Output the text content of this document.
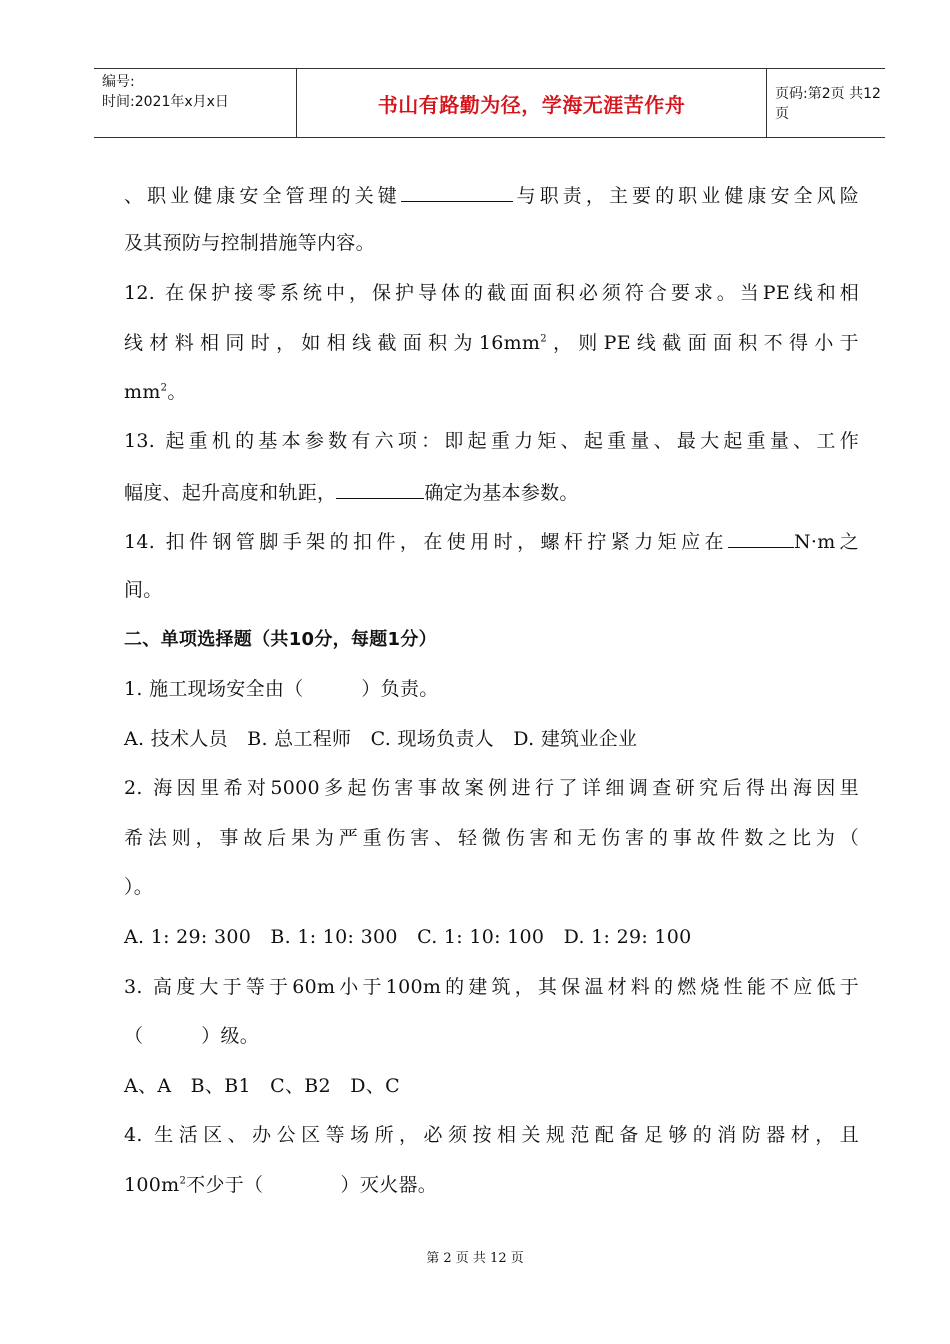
编号:
时间:2021年x月x日	书山有路勤为径，学海无涯苦作舟	页码:第2页 共12页
、职业健康安全管理的关键	与职责，主要的职业健康安全风险
及其预防与控制措施等内容。
12. 在保护接零系统中，保护导体的截面面积必须符合要求。当PE线和相
线材料相同时，如相线截面积为$16mm^2$，则PE线截面面积不得小于
$mm^2$。
13. 起重机的基本参数有六项：即起重力矩、起重量、最大起重量、工作
幅度、起升高度和轨距，	确定为基本参数。
14. 扣件钢管脚手架的扣件，在使用时，螺杆拧紧力矩应在	N·m之
间。
二、单项选择题（共10分，每题1分）
1. 施工现场安全由（　　　）负责。
A. 技术人员　B. 总工程师　C. 现场负责人　D. 建筑业企业
2. 海因里希对5000多起伤害事故案例进行了详细调查研究后得出海因里
希法则，事故后果为严重伤害、轻微伤害和无伤害的事故件数之比为（
）。
A. 1: 29: 300　B. 1: 10: 300　C. 1: 10: 100　D. 1: 29: 100
3. 高度大于等于60m小于100m的建筑，其保温材料的燃烧性能不应低于
（　　　）级。
A、A　B、B1　C、B2　D、C
4. 生活区、办公区等场所，必须按相关规范配备足够的消防器材，且
$100m^2$不少于（　　　　）灭火器。
第 2 页 共 12 页
